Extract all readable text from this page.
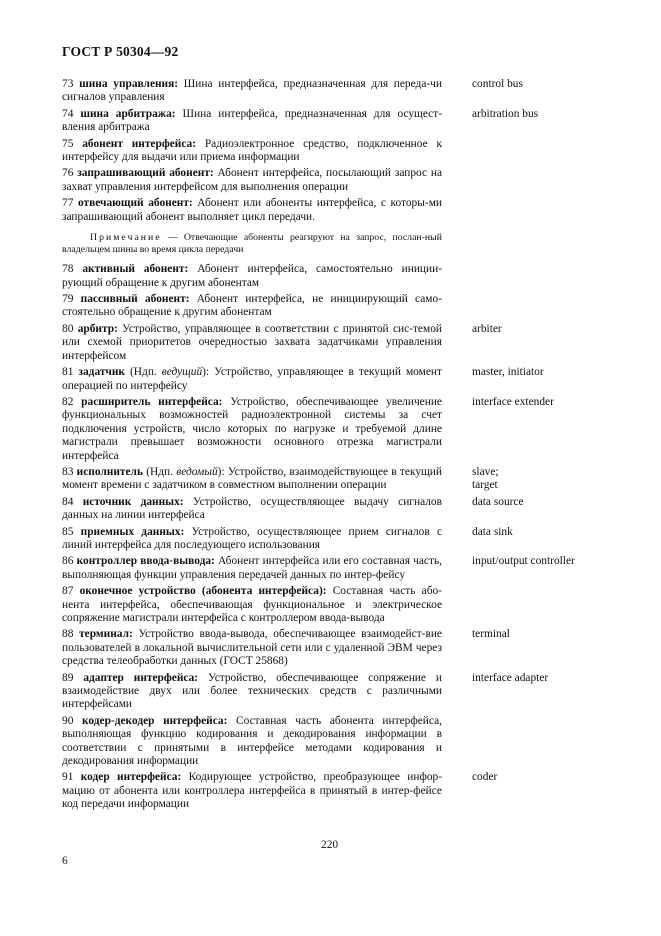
ГОСТ Р 50304—92
73 шина управления: Шина интерфейса, предназначенная для переда-чи сигналов управления
control bus
74 шина арбитража: Шина интерфейса, предназначенная для осущест-вления арбитража
arbitration bus
75 абонент интерфейса: Радиоэлектронное средство, подключенное к интерфейсу для выдачи или приема информации
76 запрашивающий абонент: Абонент интерфейса, посылающий запрос на захват управления интерфейсом для выполнения операции
77 отвечающий абонент: Абонент или абоненты интерфейса, с которы-ми запрашивающий абонент выполняет цикл передачи.
Примечание — Отвечающие абоненты реагируют на запрос, послан-ный владельцем шины во время цикла передачи
78 активный абонент: Абонент интерфейса, самостоятельно иниции-рующий обращение к другим абонентам
79 пассивный абонент: Абонент интерфейса, не инициирующий само-стоятельно обращение к другим абонентам
80 арбитр: Устройство, управляющее в соответствии с принятой сис-темой или схемой приоритетов очередностью захвата задатчиками управления интерфейсом
arbiter
81 задатчик (Ндп. ведущий): Устройство, управляющее в текущий момент операцией по интерфейсу
master, initiator
82 расширитель интерфейса: Устройство, обеспечивающее увеличение функциональных возможностей радиоэлектронной системы за счет подключения устройств, число которых по нагрузке и требуемой длине магистрали превышает возможности основного отрезка магистрали интерфейса
interface extender
83 исполнитель (Ндп. ведомый): Устройство, взаимодействующее в текущий момент времени с задатчиком в совместном выполнении операции
slave;
target
84 источник данных: Устройство, осуществляющее выдачу сигналов данных на линии интерфейса
data source
85 приемных данных: Устройство, осуществляющее прием сигналов с линий интерфейса для последующего использования
data sink
86 контроллер ввода-вывода: Абонент интерфейса или его составная часть, выполняющая функции управления передачей данных по интер-фейсу
input/output controller
87 оконечное устройство (абонента интерфейса): Составная часть або-нента интерфейса, обеспечивающая функциональное и электрическое сопряжение магистрали интерфейса с контроллером ввода-вывода
88 терминал: Устройство ввода-вывода, обеспечивающее взаимодейст-вие пользователей в локальной вычислительной сети или с удаленной ЭВМ через средства телеобработки данных (ГОСТ 25868)
terminal
89 адаптер интерфейса: Устройство, обеспечивающее сопряжение и взаимодействие двух или более технических средств с различными интерфейсами
interface adapter
90 кодер-декодер интерфейса: Составная часть абонента интерфейса, выполняющая функцию кодирования и декодирования информации в соответствии с принятыми в интерфейсе методами кодирования и декодирования информации
91 кодер интерфейса: Кодирующее устройство, преобразующее инфор-мацию от абонента или контроллера интерфейса в принятый в интер-фейсе код передачи информации
coder
6
220
